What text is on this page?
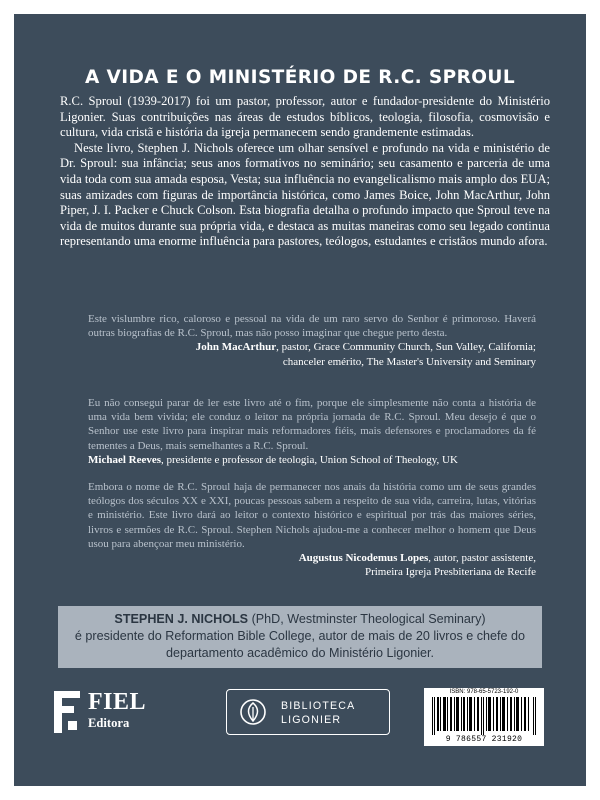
A VIDA E O MINISTÉRIO DE R.C. SPROUL

R.C. Sproul (1939-2017) foi um pastor, professor, autor e fundador-presidente do Ministério Ligonier. Suas contribuições nas áreas de estudos bíblicos, teologia, filosofia, cosmovisão e cultura, vida cristã e história da igreja permanecem sendo grandemente estimadas.

Neste livro, Stephen J. Nichols oferece um olhar sensível e profundo na vida e ministério de Dr. Sproul: sua infância; seus anos formativos no seminário; seu casamento e parceria de uma vida toda com sua amada esposa, Vesta; sua influência no evangelicalismo mais amplo dos EUA; suas amizades com figuras de importância histórica, como James Boice, John MacArthur, John Piper, J. I. Packer e Chuck Colson. Esta biografia detalha o profundo impacto que Sproul teve na vida de muitos durante sua própria vida, e destaca as muitas maneiras como seu legado continua representando uma enorme influência para pastores, teólogos, estudantes e cristãos mundo afora.

Este vislumbre rico, caloroso e pessoal na vida de um raro servo do Senhor é primoroso. Haverá outras biografias de R.C. Sproul, mas não posso imaginar que chegue perto desta.
John MacArthur, pastor, Grace Community Church, Sun Valley, California;
chanceler emérito, The Master's University and Seminary
Eu não consegui parar de ler este livro até o fim, porque ele simplesmente não conta a história de uma vida bem vivida; ele conduz o leitor na própria jornada de R.C. Sproul. Meu desejo é que o Senhor use este livro para inspirar mais reformadores fiéis, mais defensores e proclamadores da fé tementes a Deus, mais semelhantes a R.C. Sproul.
Michael Reeves, presidente e professor de teologia, Union School of Theology, UK
Embora o nome de R.C. Sproul haja de permanecer nos anais da história como um de seus grandes teólogos dos séculos XX e XXI, poucas pessoas sabem a respeito de sua vida, carreira, lutas, vitórias e ministério. Este livro dará ao leitor o contexto histórico e espiritual por trás das maiores séries, livros e sermões de R.C. Sproul. Stephen Nichols ajudou-me a conhecer melhor o homem que Deus usou para abençoar meu ministério.
Augustus Nicodemus Lopes, autor, pastor assistente,
Primeira Igreja Presbiteriana de Recife

STEPHEN J. NICHOLS (PhD, Westminster Theological Seminary)
é presidente do Reformation Bible College, autor de mais de 20 livros e chefe do departamento acadêmico do Ministério Ligonier.

FIEL
Editora
BIBLIOTECA
LIGONIER
ISBN: 978-65-5723-192-0
9 786557 231920
